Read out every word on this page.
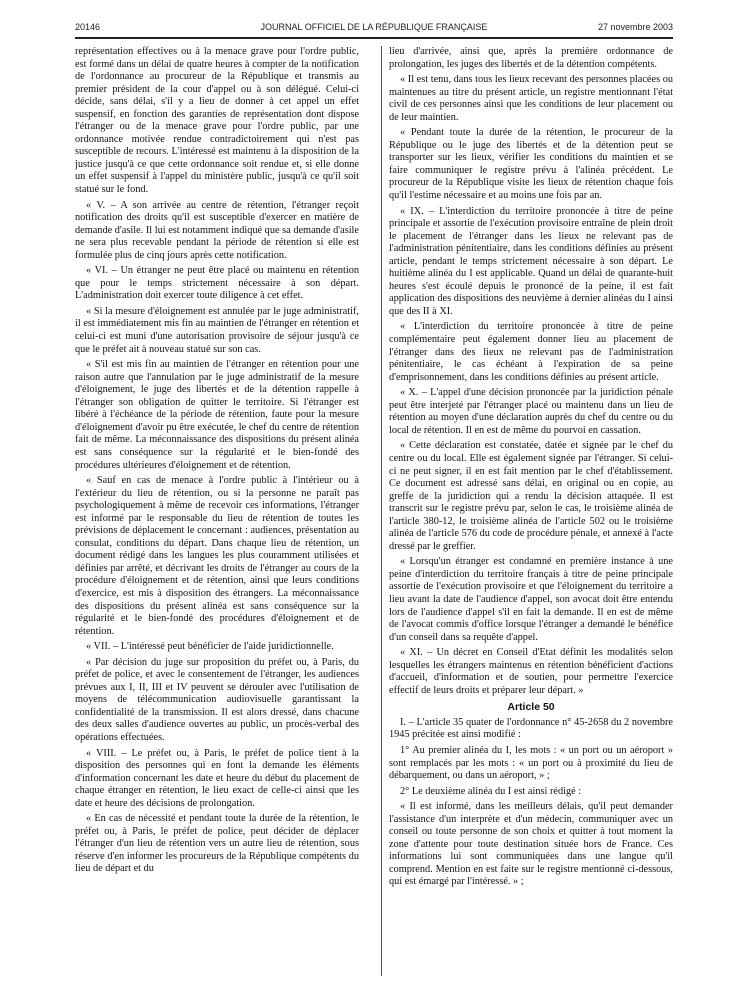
20146	JOURNAL OFFICIEL DE LA RÉPUBLIQUE FRANÇAISE	27 novembre 2003

représentation effectives ou à la menace grave pour l'ordre public, est formé dans un délai de quatre heures à compter de la notification de l'ordonnance au procureur de la République et transmis au premier président de la cour d'appel ou à son délégué. Celui-ci décide, sans délai, s'il y a lieu de donner à cet appel un effet suspensif, en fonction des garanties de représentation dont dispose l'étranger ou de la menace grave pour l'ordre public, par une ordonnance motivée rendue contradictoirement qui n'est pas susceptible de recours. L'intéressé est maintenu à la disposition de la justice jusqu'à ce que cette ordonnance soit rendue et, si elle donne un effet suspensif à l'appel du ministère public, jusqu'à ce qu'il soit statué sur le fond.

« V. – A son arrivée au centre de rétention, l'étranger reçoit notification des droits qu'il est susceptible d'exercer en matière de demande d'asile. Il lui est notamment indiqué que sa demande d'asile ne sera plus recevable pendant la période de rétention si elle est formulée plus de cinq jours après cette notification.

« VI. – Un étranger ne peut être placé ou maintenu en rétention que pour le temps strictement nécessaire à son départ. L'administration doit exercer toute diligence à cet effet.

« Si la mesure d'éloignement est annulée par le juge administratif, il est immédiatement mis fin au maintien de l'étranger en rétention et celui-ci est muni d'une autorisation provisoire de séjour jusqu'à ce que le préfet ait à nouveau statué sur son cas.

« S'il est mis fin au maintien de l'étranger en rétention pour une raison autre que l'annulation par le juge administratif de la mesure d'éloignement, le juge des libertés et de la détention rappelle à l'étranger son obligation de quitter le territoire. Si l'étranger est libéré à l'échéance de la période de rétention, faute pour la mesure d'éloignement d'avoir pu être exécutée, le chef du centre de rétention fait de même. La méconnaissance des dispositions du présent alinéa est sans conséquence sur la régularité et le bien-fondé des procédures ultérieures d'éloignement et de rétention.

« Sauf en cas de menace à l'ordre public à l'intérieur ou à l'extérieur du lieu de rétention, ou si la personne ne paraît pas psychologiquement à même de recevoir ces informations, l'étranger est informé par le responsable du lieu de rétention de toutes les prévisions de déplacement le concernant : audiences, présentation au consulat, conditions du départ. Dans chaque lieu de rétention, un document rédigé dans les langues les plus couramment utilisées et définies par arrêté, et décrivant les droits de l'étranger au cours de la procédure d'éloignement et de rétention, ainsi que leurs conditions d'exercice, est mis à disposition des étrangers. La méconnaissance des dispositions du présent alinéa est sans conséquence sur la régularité et le bien-fondé des procédures d'éloignement et de rétention.

« VII. – L'intéressé peut bénéficier de l'aide juridictionnelle.

« Par décision du juge sur proposition du préfet ou, à Paris, du préfet de police, et avec le consentement de l'étranger, les audiences prévues aux I, II, III et IV peuvent se dérouler avec l'utilisation de moyens de télécommunication audiovisuelle garantissant la confidentialité de la transmission. Il est alors dressé, dans chacune des deux salles d'audience ouvertes au public, un procès-verbal des opérations effectuées.

« VIII. – Le préfet ou, à Paris, le préfet de police tient à la disposition des personnes qui en font la demande les éléments d'information concernant les date et heure du début du placement de chaque étranger en rétention, le lieu exact de celle-ci ainsi que les date et heure des décisions de prolongation.

« En cas de nécessité et pendant toute la durée de la rétention, le préfet ou, à Paris, le préfet de police, peut décider de déplacer l'étranger d'un lieu de rétention vers un autre lieu de rétention, sous réserve d'en informer les procureurs de la République compétents du lieu de départ et du

lieu d'arrivée, ainsi que, après la première ordonnance de prolongation, les juges des libertés et de la détention compétents.

« Il est tenu, dans tous les lieux recevant des personnes placées ou maintenues au titre du présent article, un registre mentionnant l'état civil de ces personnes ainsi que les conditions de leur placement ou de leur maintien.

« Pendant toute la durée de la rétention, le procureur de la République ou le juge des libertés et de la détention peut se transporter sur les lieux, vérifier les conditions du maintien et se faire communiquer le registre prévu à l'alinéa précédent. Le procureur de la République visite les lieux de rétention chaque fois qu'il l'estime nécessaire et au moins une fois par an.

« IX. – L'interdiction du territoire prononcée à titre de peine principale et assortie de l'exécution provisoire entraîne de plein droit le placement de l'étranger dans les lieux ne relevant pas de l'administration pénitentiaire, dans les conditions définies au présent article, pendant le temps strictement nécessaire à son départ. Le huitième alinéa du I est applicable. Quand un délai de quarante-huit heures s'est écoulé depuis le prononcé de la peine, il est fait application des dispositions des neuvième à dernier alinéas du I ainsi que des II à XI.

« L'interdiction du territoire prononcée à titre de peine complémentaire peut également donner lieu au placement de l'étranger dans des lieux ne relevant pas de l'administration pénitentiaire, le cas échéant à l'expiration de sa peine d'emprisonnement, dans les conditions définies au présent article.

« X. – L'appel d'une décision prononcée par la juridiction pénale peut être interjeté par l'étranger placé ou maintenu dans un lieu de rétention au moyen d'une déclaration auprès du chef du centre ou du local de rétention. Il en est de même du pourvoi en cassation.

« Cette déclaration est constatée, datée et signée par le chef du centre ou du local. Elle est également signée par l'étranger. Si celui-ci ne peut signer, il en est fait mention par le chef d'établissement. Ce document est adressé sans délai, en original ou en copie, au greffe de la juridiction qui a rendu la décision attaquée. Il est transcrit sur le registre prévu par, selon le cas, le troisième alinéa de l'article 380-12, le troisième alinéa de l'article 502 ou le troisième alinéa de l'article 576 du code de procédure pénale, et annexé à l'acte dressé par le greffier.

« Lorsqu'un étranger est condamné en première instance à une peine d'interdiction du territoire français à titre de peine principale assortie de l'exécution provisoire et que l'éloignement du territoire a lieu avant la date de l'audience d'appel, son avocat doit être entendu lors de l'audience d'appel s'il en fait la demande. Il en est de même de l'avocat commis d'office lorsque l'étranger a demandé le bénéfice d'un conseil dans sa requête d'appel.

« XI. – Un décret en Conseil d'Etat définit les modalités selon lesquelles les étrangers maintenus en rétention bénéficient d'actions d'accueil, d'information et de soutien, pour permettre l'exercice effectif de leurs droits et préparer leur départ. »

Article 50

I. – L'article 35 quater de l'ordonnance n° 45-2658 du 2 novembre 1945 précitée est ainsi modifié :

1° Au premier alinéa du I, les mots : « un port ou un aéroport » sont remplacés par les mots : « un port ou à proximité du lieu de débarquement, ou dans un aéroport, » ;

2° Le deuxième alinéa du I est ainsi rédigé :

« Il est informé, dans les meilleurs délais, qu'il peut demander l'assistance d'un interprète et d'un médecin, communiquer avec un conseil ou toute personne de son choix et quitter à tout moment la zone d'attente pour toute destination située hors de France. Ces informations lui sont communiquées dans une langue qu'il comprend. Mention en est faite sur le registre mentionné ci-dessous, qui est émargé par l'intéressé. » ;
